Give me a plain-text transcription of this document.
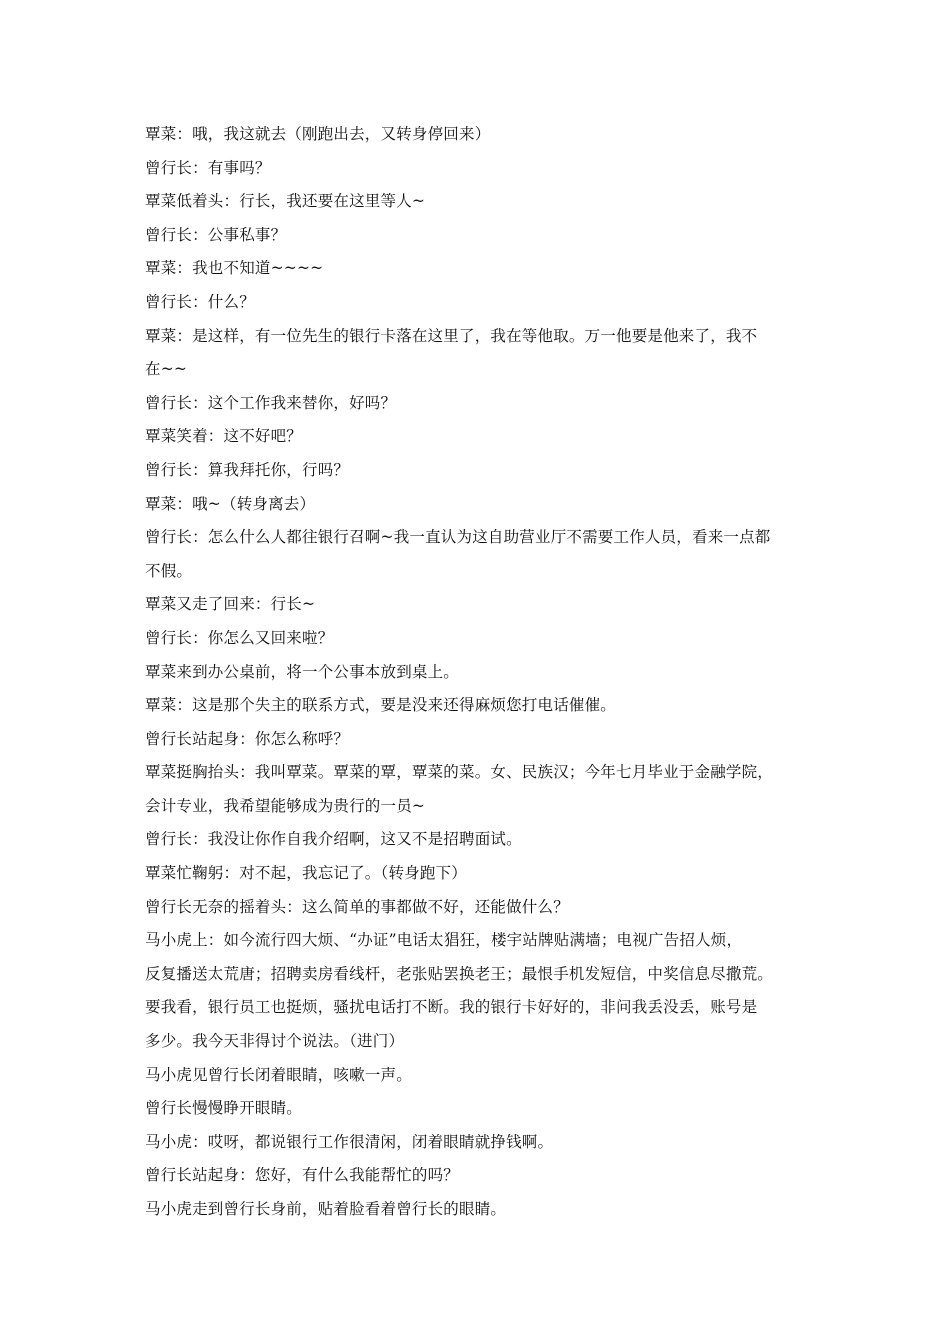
覃菜：哦，我这就去（刚跑出去，又转身停回来）
曾行长：有事吗？
覃菜低着头：行长，我还要在这里等人~
曾行长：公事私事？
覃菜：我也不知道~~~~
曾行长：什么？
覃菜：是这样，有一位先生的银行卡落在这里了，我在等他取。万一他要是他来了，我不
在~~
曾行长：这个工作我来替你，好吗？
覃菜笑着：这不好吧？
曾行长：算我拜托你，行吗？
覃菜：哦~（转身离去）
曾行长：怎么什么人都往银行召啊~我一直认为这自助营业厅不需要工作人员，看来一点都
不假。
覃菜又走了回来：行长~
曾行长：你怎么又回来啦？
覃菜来到办公桌前，将一个公事本放到桌上。
覃菜：这是那个失主的联系方式，要是没来还得麻烦您打电话催催。
曾行长站起身：你怎么称呼？
覃菜挺胸抬头：我叫覃菜。覃菜的覃，覃菜的菜。女、民族汉；今年七月毕业于金融学院，
会计专业，我希望能够成为贵行的一员~
曾行长：我没让你作自我介绍啊，这又不是招聘面试。
覃菜忙鞠躬：对不起，我忘记了。（转身跑下）
曾行长无奈的摇着头：这么简单的事都做不好，还能做什么？
马小虎上：如今流行四大烦、“办证”电话太猖狂，楼宇站牌贴满墙；电视广告招人烦，
反复播送太荒唐；招聘卖房看线杆，老张贴罢换老王；最恨手机发短信，中奖信息尽撒荒。
要我看，银行员工也挺烦，骚扰电话打不断。我的银行卡好好的，非问我丢没丢，账号是
多少。我今天非得讨个说法。（进门）
马小虎见曾行长闭着眼睛，咳嗽一声。
曾行长慢慢睁开眼睛。
马小虎：哎呀，都说银行工作很清闲，闭着眼睛就挣钱啊。
曾行长站起身：您好，有什么我能帮忙的吗？
马小虎走到曾行长身前，贴着脸看着曾行长的眼睛。
